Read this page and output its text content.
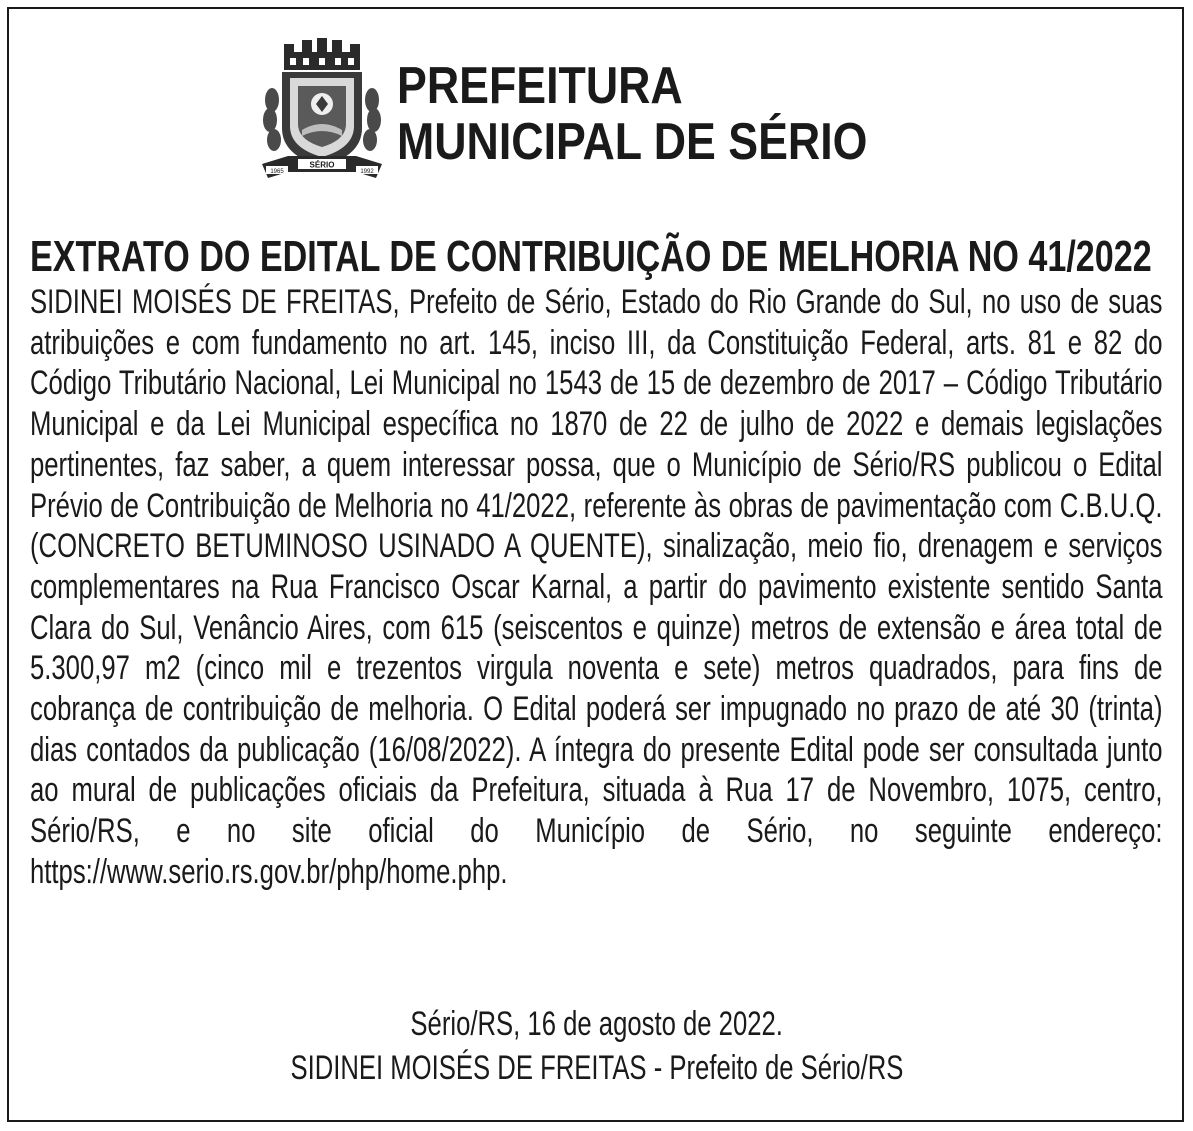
SÉRIO
1965	1992
PREFEITURA
MUNICIPAL DE SÉRIO
EXTRATO DO EDITAL DE CONTRIBUIÇÃO DE MELHORIA NO 41/2022
SIDINEI MOISÉS DE FREITAS, Prefeito de Sério, Estado do Rio Grande do Sul, no uso de suas atribuições e com fundamento no art. 145, inciso III, da Constituição Federal, arts. 81 e 82 do Código Tributário Nacional, Lei Municipal no 1543 de 15 de dezembro de 2017 – Código Tributário Municipal e da Lei Municipal específica no 1870 de 22 de julho de 2022 e demais legislações pertinentes, faz saber, a quem interessar possa, que o Município de Sério/RS publicou o Edital Prévio de Contribuição de Melhoria no 41/2022, referente às obras de pavimentação com C.B.U.Q. (CONCRETO BETUMINOSO USINADO A QUENTE), sinalização, meio fio, drenagem e serviços complementares na Rua Francisco Oscar Karnal, a partir do pavimento existente sentido Santa Clara do Sul, Venâncio Aires, com 615 (seiscentos e quinze) metros de extensão e área total de 5.300,97 m2 (cinco mil e trezentos virgula noventa e sete) metros quadrados, para fins de cobrança de contribuição de melhoria. O Edital poderá ser impugnado no prazo de até 30 (trinta) dias contados da publicação (16/08/2022). A íntegra do presente Edital pode ser consultada junto ao mural de publicações oficiais da Prefeitura, situada à Rua 17 de Novembro, 1075, centro, Sério/RS, e no site oficial do Município de Sério, no seguinte endereço: https://www.serio.rs.gov.br/php/home.php.
Sério/RS, 16 de agosto de 2022.
SIDINEI MOISÉS DE FREITAS - Prefeito de Sério/RS
